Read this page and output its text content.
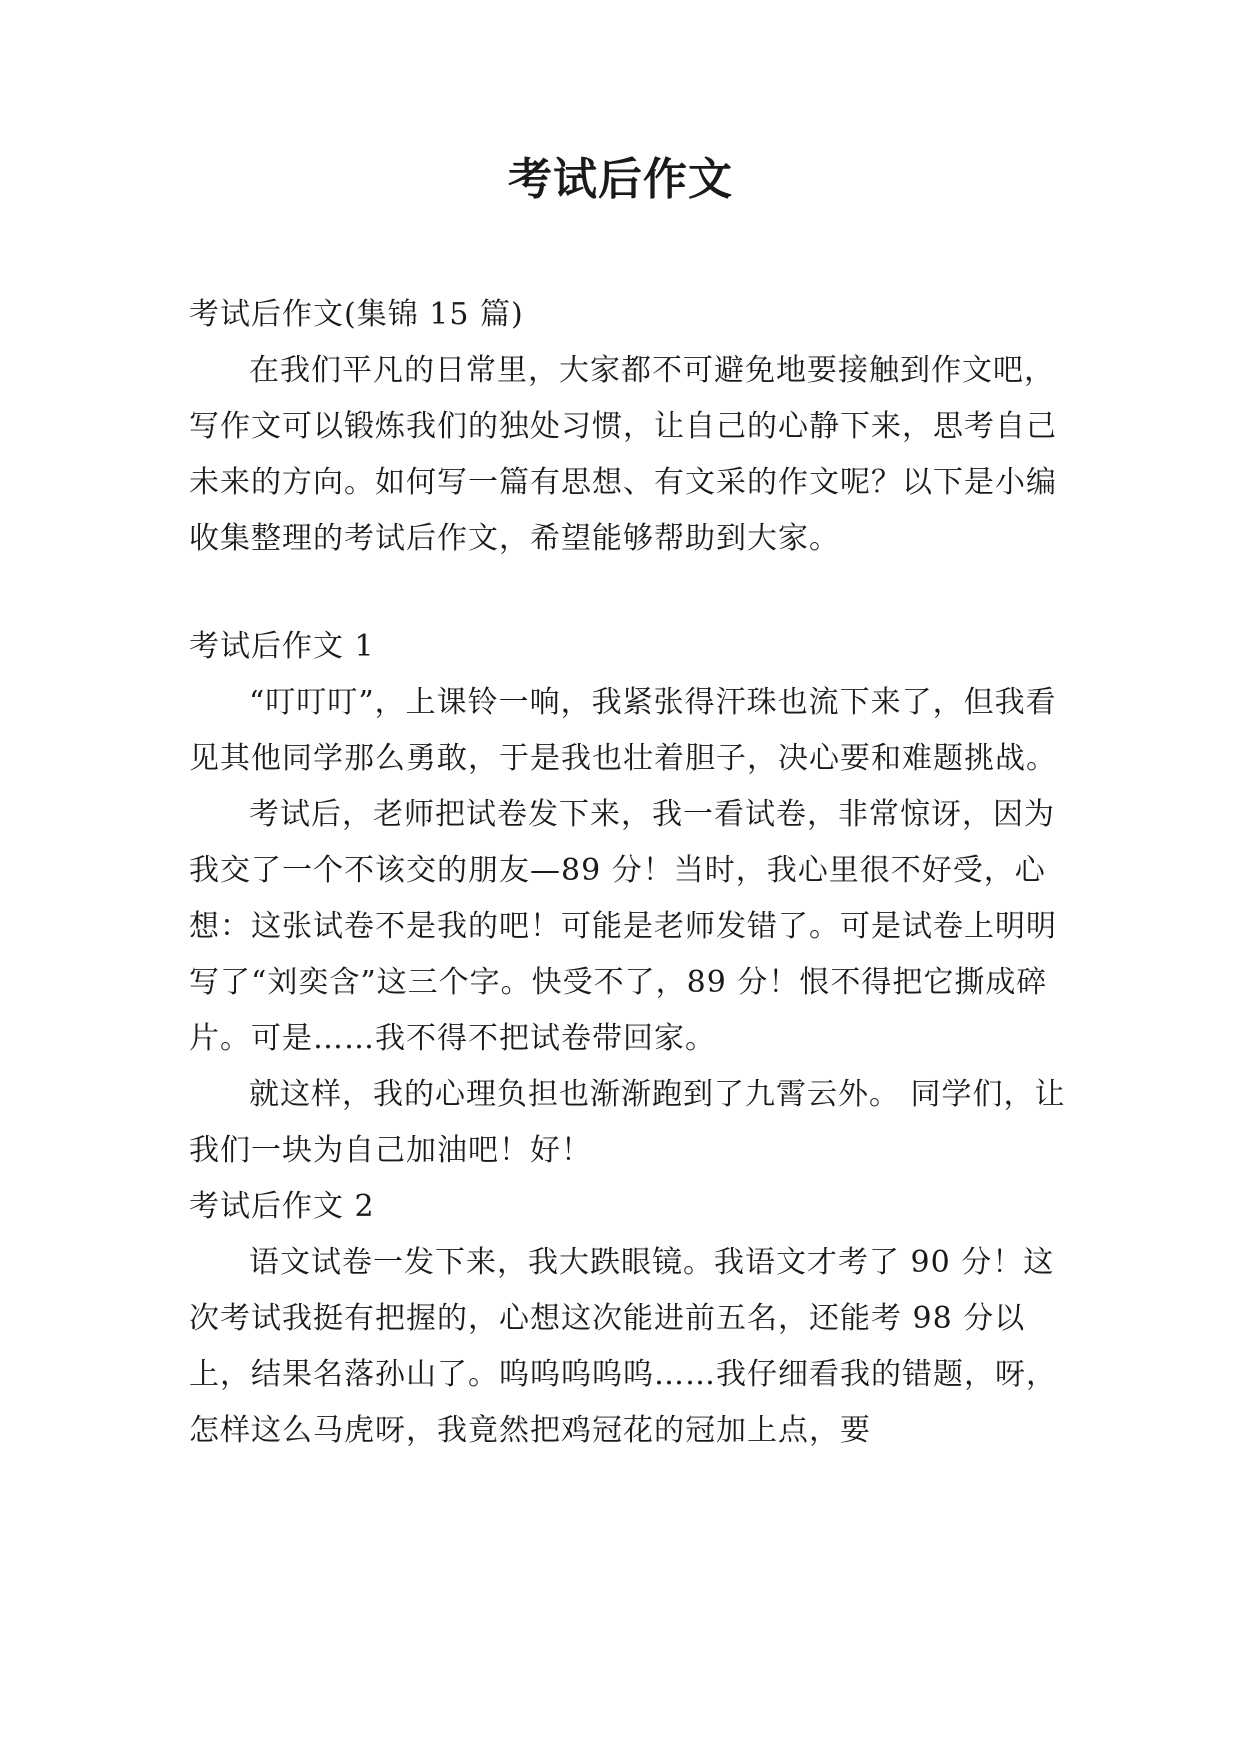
考试后作文

考试后作文(集锦 15 篇)

在我们平凡的日常里，大家都不可避免地要接触到作文吧，写作文可以锻炼我们的独处习惯，让自己的心静下来，思考自己未来的方向。如何写一篇有思想、有文采的作文呢？以下是小编收集整理的考试后作文，希望能够帮助到大家。

考试后作文 1

“叮叮叮”，上课铃一响，我紧张得汗珠也流下来了，但我看见其他同学那么勇敢，于是我也壮着胆子，决心要和难题挑战。

考试后，老师把试卷发下来，我一看试卷，非常惊讶，因为我交了一个不该交的朋友—89 分！当时，我心里很不好受，心想：这张试卷不是我的吧！可能是老师发错了。可是试卷上明明写了“刘奕含”这三个字。快受不了，89 分！恨不得把它撕成碎片。可是……我不得不把试卷带回家。

就这样，我的心理负担也渐渐跑到了九霄云外。 同学们，让我们一块为自己加油吧！好！

考试后作文 2

语文试卷一发下来，我大跌眼镜。我语文才考了 90 分！这次考试我挺有把握的，心想这次能进前五名，还能考 98 分以上，结果名落孙山了。呜呜呜呜呜……我仔细看我的错题，呀，怎样这么马虎呀，我竟然把鸡冠花的冠加上点，要
